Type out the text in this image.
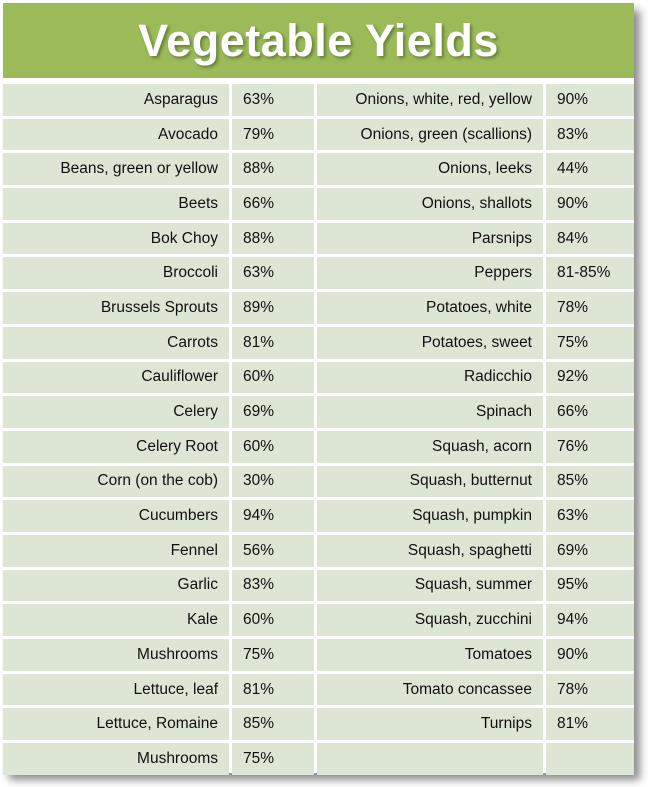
Vegetable Yields
Asparagus	63%	Onions, white, red, yellow	90%
Avocado	79%	Onions, green (scallions)	83%
Beans, green or yellow	88%	Onions, leeks	44%
Beets	66%	Onions, shallots	90%
Bok Choy	88%	Parsnips	84%
Broccoli	63%	Peppers	81-85%
Brussels Sprouts	89%	Potatoes, white	78%
Carrots	81%	Potatoes, sweet	75%
Cauliflower	60%	Radicchio	92%
Celery	69%	Spinach	66%
Celery Root	60%	Squash, acorn	76%
Corn (on the cob)	30%	Squash, butternut	85%
Cucumbers	94%	Squash, pumpkin	63%
Fennel	56%	Squash, spaghetti	69%
Garlic	83%	Squash, summer	95%
Kale	60%	Squash, zucchini	94%
Mushrooms	75%	Tomatoes	90%
Lettuce, leaf	81%	Tomato concassee	78%
Lettuce, Romaine	85%	Turnips	81%
Mushrooms	75%		
